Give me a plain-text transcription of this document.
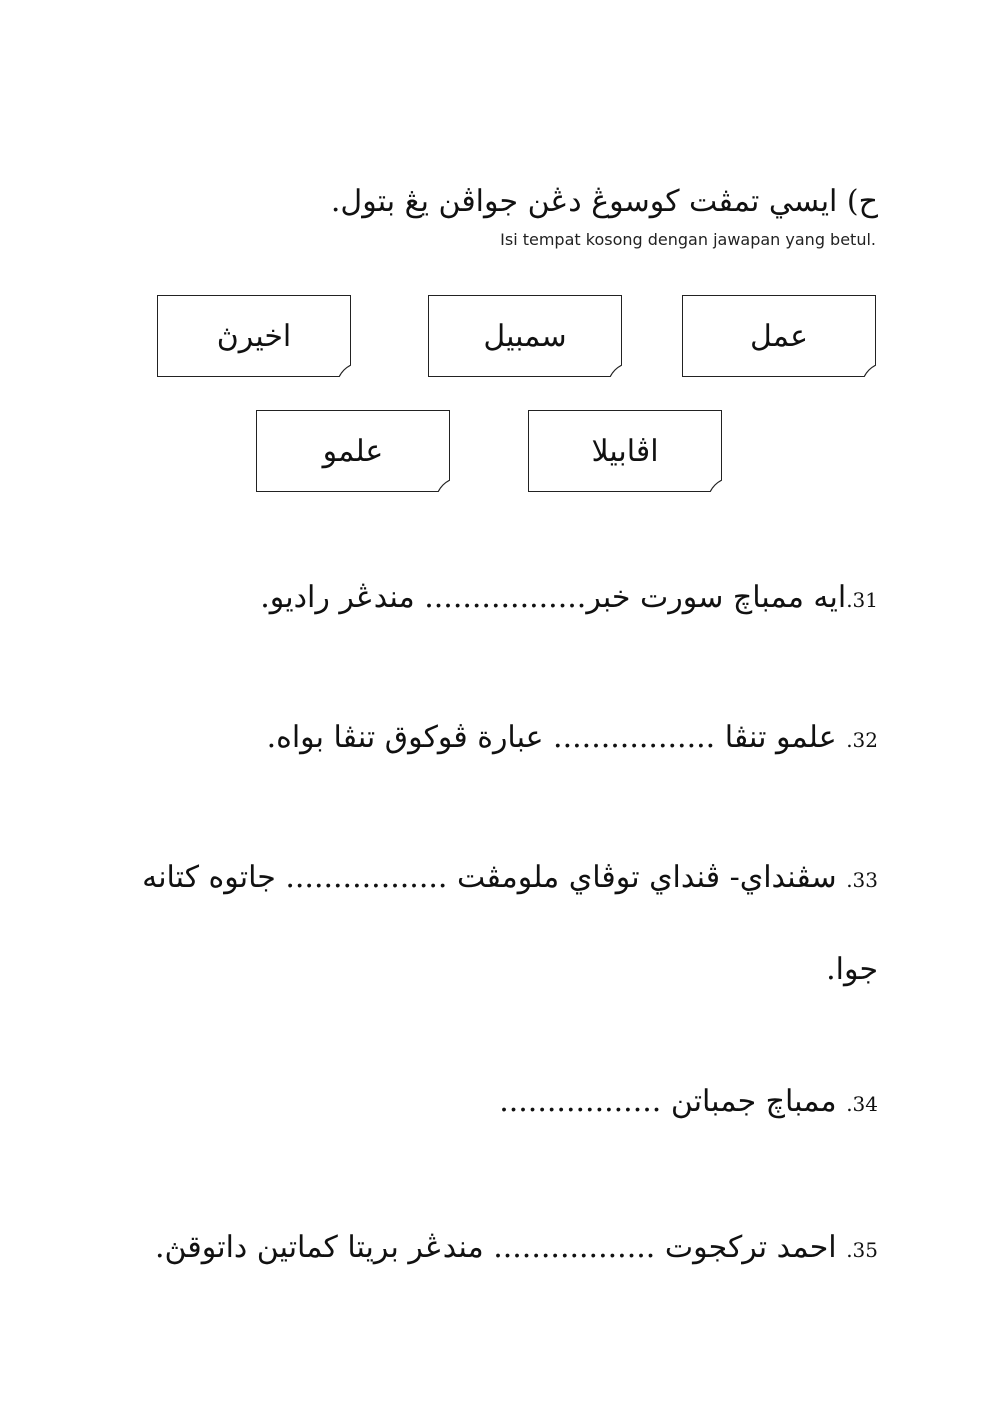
ح) ايسي تمڤت كوسوڠ دڠن جواڤن يڠ بتول.
Isi tempat kosong dengan jawapan yang betul.
عمل
سمبيل
اخيرڽ
اڤابيلا
علمو
31.ايه ممباچ سورت خبر................. مندڠر راديو.
32. علمو تنڤا ................. عبارة ڤوكوق تنڤا بواه.
33. سڤنداي- ڤنداي توڤاي ملومڤت ................. جاتوه كتانه
جوا.
34. ممباچ جمباتن .................
35. احمد تركجوت ................. مندڠر بريتا كماتين داتوقڽ.
